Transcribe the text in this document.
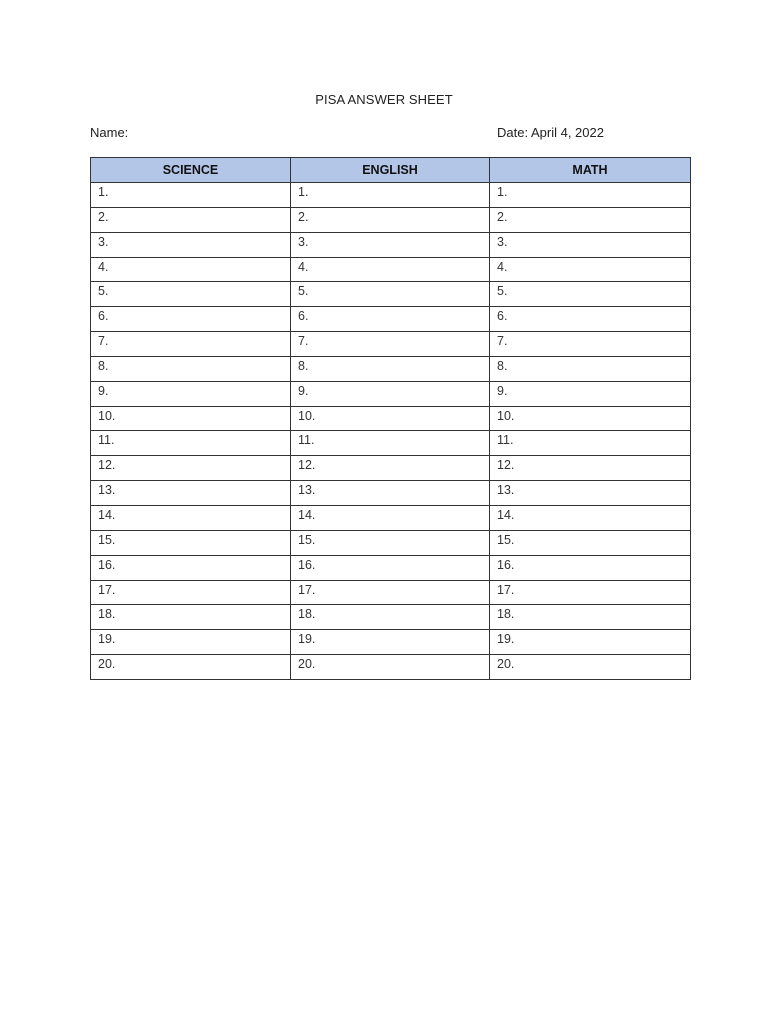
PISA ANSWER SHEET
Name:	Date: April 4, 2022
SCIENCE	ENGLISH	MATH
1.	1.	1.
2.	2.	2.
3.	3.	3.
4.	4.	4.
5.	5.	5.
6.	6.	6.
7.	7.	7.
8.	8.	8.
9.	9.	9.
10.	10.	10.
11.	11.	11.
12.	12.	12.
13.	13.	13.
14.	14.	14.
15.	15.	15.
16.	16.	16.
17.	17.	17.
18.	18.	18.
19.	19.	19.
20.	20.	20.
